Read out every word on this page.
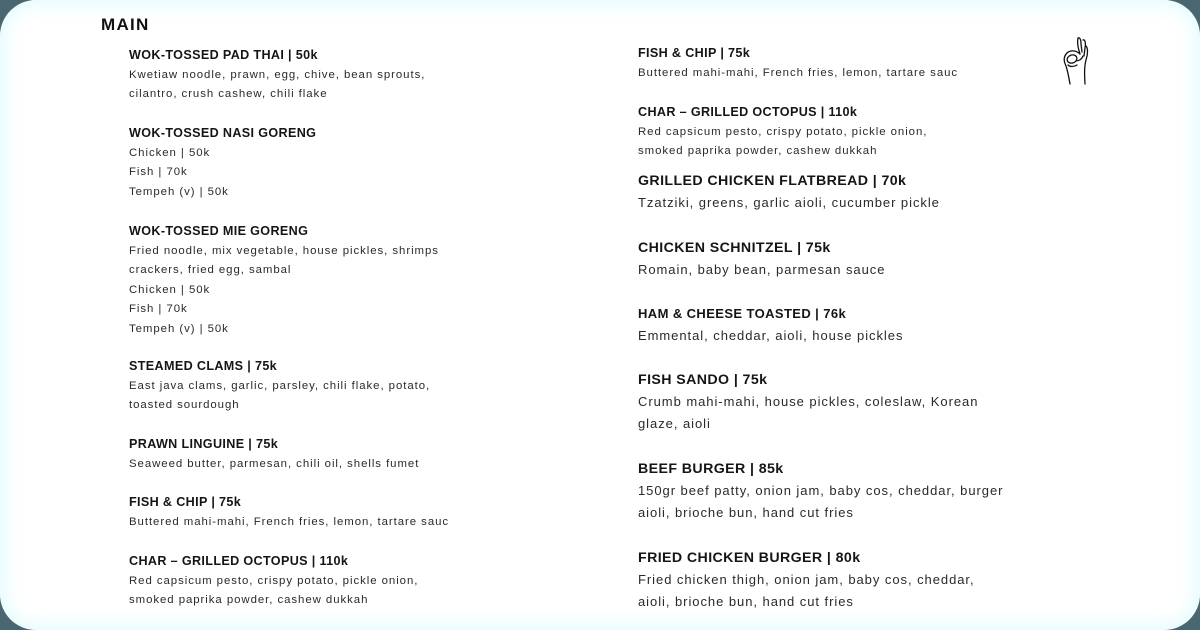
MAIN
WOK-TOSSED PAD THAI | 50k
Kwetiaw noodle, prawn, egg, chive, bean sprouts,
cilantro, crush cashew, chili flake
WOK-TOSSED NASI GORENG
Chicken | 50k
Fish | 70k
Tempeh (v) | 50k
WOK-TOSSED MIE GORENG
Fried noodle, mix vegetable, house pickles, shrimps
crackers, fried egg, sambal
Chicken | 50k
Fish | 70k
Tempeh (v) | 50k
STEAMED CLAMS | 75k
East java clams, garlic, parsley, chili flake, potato,
toasted sourdough
PRAWN LINGUINE | 75k
Seaweed butter, parmesan, chili oil, shells fumet
FISH & CHIP | 75k
Buttered mahi-mahi, French fries, lemon, tartare sauc
CHAR – GRILLED OCTOPUS | 110k
Red capsicum pesto, crispy potato, pickle onion,
smoked paprika powder, cashew dukkah
FISH & CHIP | 75k
Buttered mahi-mahi, French fries, lemon, tartare sauc
CHAR – GRILLED OCTOPUS | 110k
Red capsicum pesto, crispy potato, pickle onion,
smoked paprika powder, cashew dukkah
GRILLED CHICKEN FLATBREAD | 70k
Tzatziki, greens, garlic aioli, cucumber pickle
CHICKEN SCHNITZEL | 75k
Romain, baby bean, parmesan sauce
HAM & CHEESE TOASTED | 76k
Emmental, cheddar, aioli, house pickles
FISH SANDO | 75k
Crumb mahi-mahi, house pickles, coleslaw, Korean
glaze, aioli
BEEF BURGER | 85k
150gr beef patty, onion jam, baby cos, cheddar, burger
aioli, brioche bun, hand cut fries
FRIED CHICKEN BURGER | 80k
Fried chicken thigh, onion jam, baby cos, cheddar,
aioli, brioche bun, hand cut fries
